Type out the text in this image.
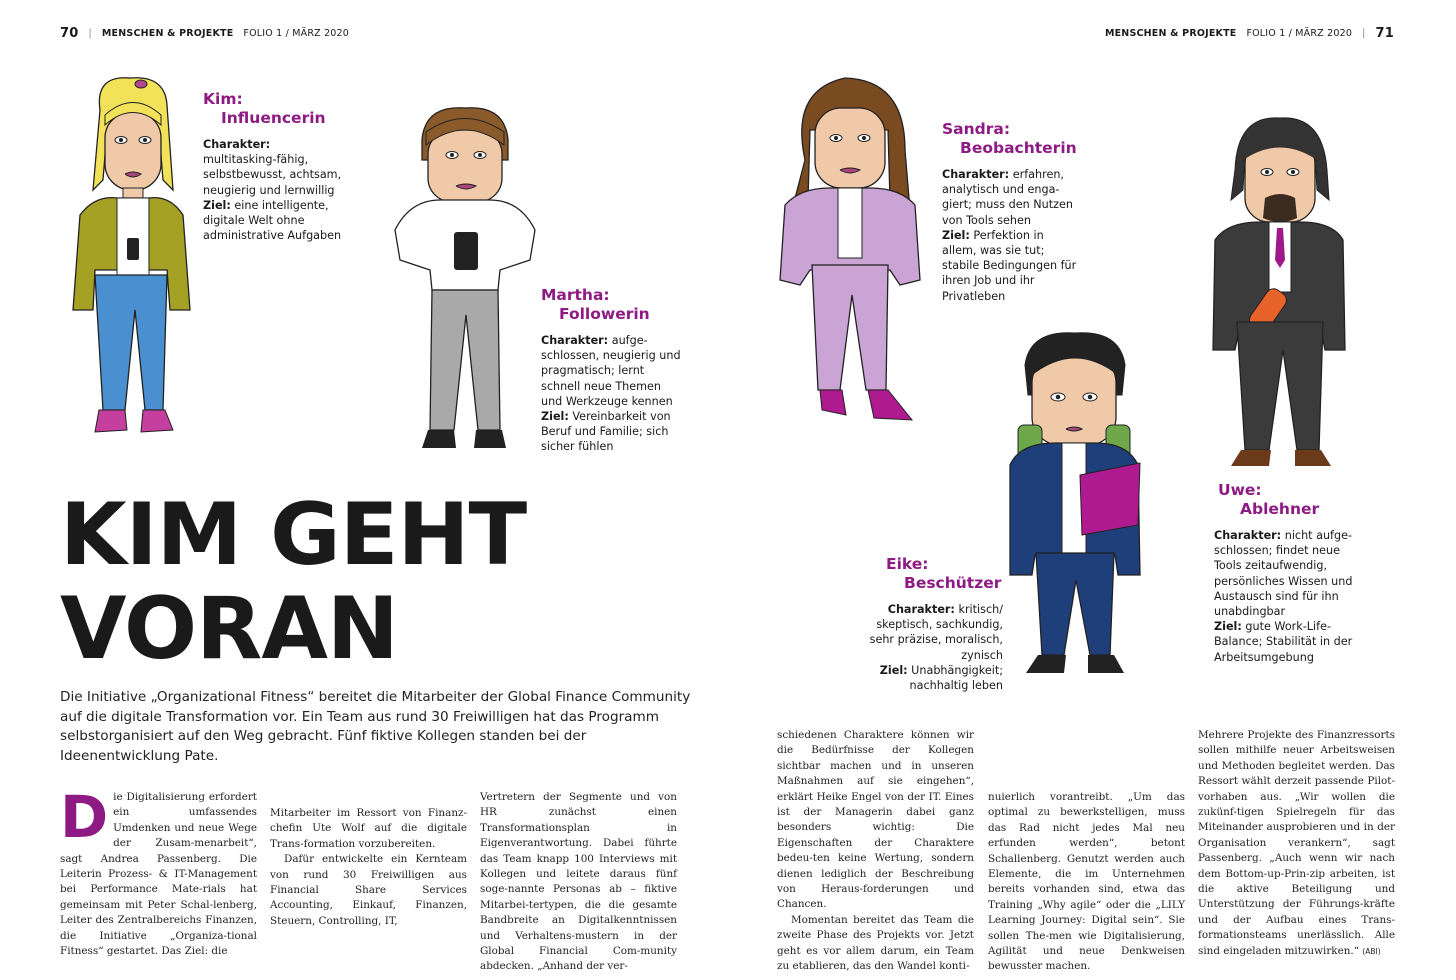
70 | MENSCHEN & PROJEKTE FOLIO 1 / MÄRZ 2020	MENSCHEN & PROJEKTE FOLIO 1 / MÄRZ 2020 | 71
Kim:
Influencerin
Charakter: multitasking-fähig, selbstbewusst, achtsam, neugierig und lernwillig
Ziel: eine intelligente, digitale Welt ohne administrative Aufgaben
Martha:
Followerin
Charakter: aufge-schlossen, neugierig und pragmatisch; lernt schnell neue Themen und Werkzeuge kennen
Ziel: Vereinbarkeit von Beruf und Familie; sich sicher fühlen
Sandra:
Beobachterin
Charakter: erfahren, analytisch und enga-giert; muss den Nutzen von Tools sehen
Ziel: Perfektion in allem, was sie tut; stabile Bedingungen für ihren Job und ihr Privatleben
Eike:
Beschützer
Charakter: kritisch/ skeptisch, sachkundig, sehr präzise, moralisch, zynisch
Ziel: Unabhängigkeit; nachhaltig leben
Uwe:
Ablehner
Charakter: nicht aufge-schlossen; findet neue Tools zeitaufwendig, persönliches Wissen und Austausch sind für ihn unabdingbar
Ziel: gute Work-Life-Balance; Stabilität in der Arbeitsumgebung
KIM GEHT
VORAN
Die Initiative „Organizational Fitness“ bereitet die Mitarbeiter der Global Finance Community auf die digitale Transformation vor. Ein Team aus rund 30 Freiwilligen hat das Programm selbstorganisiert auf den Weg gebracht. Fünf fiktive Kollegen standen bei der Ideenentwicklung Pate.
D ie Digitalisierung erfordert ein umfassendes Umdenken und neue Wege der Zusam-menarbeit“, sagt Andrea Passenberg. Die Leiterin Prozess- & IT-Management bei Performance Mate-rials hat gemeinsam mit Peter Schal-lenberg, Leiter des Zentralbereichs Finanzen, die Initiative „Organiza-tional Fitness“ gestartet. Das Ziel: die

Mitarbeiter im Ressort von Finanz-chefin Ute Wolf auf die digitale Trans-formation vorzubereiten.

Dafür entwickelte ein Kernteam von rund 30 Freiwilligen aus Financial Share Services Accounting, Einkauf, Finanzen, Steuern, Controlling, IT,

Vertretern der Segmente und von HR zunächst einen Transformationsplan in Eigenverantwortung. Dabei führte das Team knapp 100 Interviews mit Kollegen und leitete daraus fünf soge-nannte Personas ab – fiktive Mitarbei-tertypen, die die gesamte Bandbreite an Digitalkenntnissen und Verhaltens-mustern in der Global Financial Com-munity abdecken. „Anhand der ver-

schiedenen Charaktere können wir die Bedürfnisse der Kollegen sichtbar machen und in unseren Maßnahmen auf sie eingehen“, erklärt Heike Engel von der IT. Eines ist der Managerin dabei ganz besonders wichtig: Die Eigenschaften der Charaktere bedeu-ten keine Wertung, sondern dienen lediglich der Beschreibung von Heraus-forderungen und Chancen.

Momentan bereitet das Team die zweite Phase des Projekts vor. Jetzt geht es vor allem darum, ein Team zu etablieren, das den Wandel konti-

nuierlich vorantreibt. „Um das optimal zu bewerkstelligen, muss das Rad nicht jedes Mal neu erfunden werden“, betont Schallenberg. Genutzt werden auch Elemente, die im Unternehmen bereits vorhanden sind, etwa das Training „Why agile“ oder die „LILY Learning Journey: Digital sein“. Sie sollen The-men wie Digitalisierung, Agilität und neue Denkweisen bewusster machen.

Mehrere Projekte des Finanzressorts sollen mithilfe neuer Arbeitsweisen und Methoden begleitet werden. Das Ressort wählt derzeit passende Pilot-vorhaben aus. „Wir wollen die zukünf-tigen Spielregeln für das Miteinander ausprobieren und in der Organisation verankern“, sagt Passenberg. „Auch wenn wir nach dem Bottom-up-Prin-zip arbeiten, ist die aktive Beteiligung und Unterstützung der Führungs-kräfte und der Aufbau eines Trans-formationsteams unerlässlich. Alle sind eingeladen mitzuwirken.“ (ABI)
